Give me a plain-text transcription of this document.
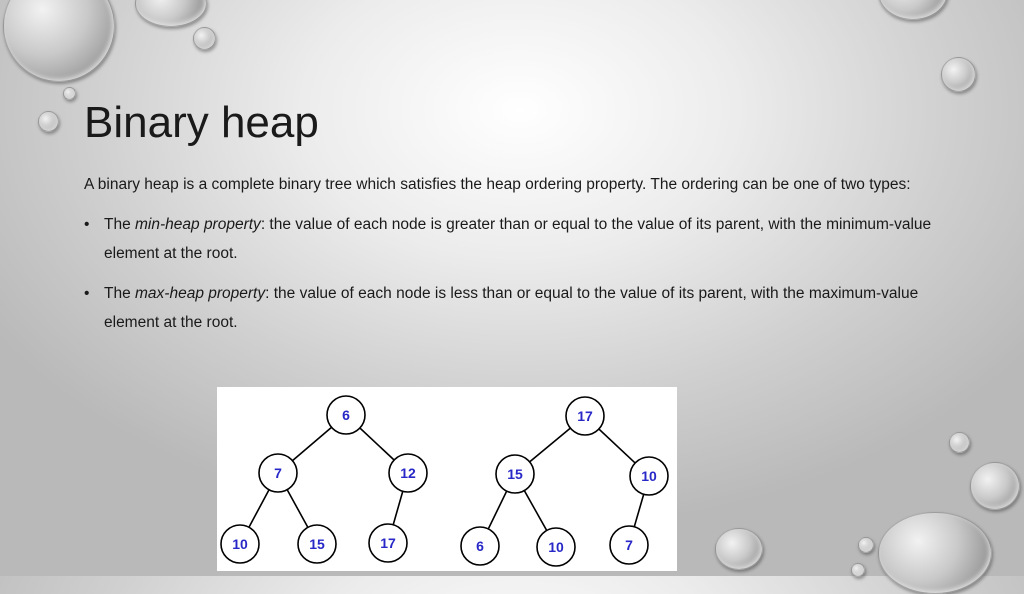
Binary heap

A binary heap is a complete binary tree which satisfies the heap ordering property. The ordering can be one of two types:

• The min-heap property: the value of each node is greater than or equal to the value of its parent, with the minimum-value element at the root.
• The max-heap property: the value of each node is less than or equal to the value of its parent, with the maximum-value element at the root.
6
7	12
10	15	17
17
15	10
6	10	7
